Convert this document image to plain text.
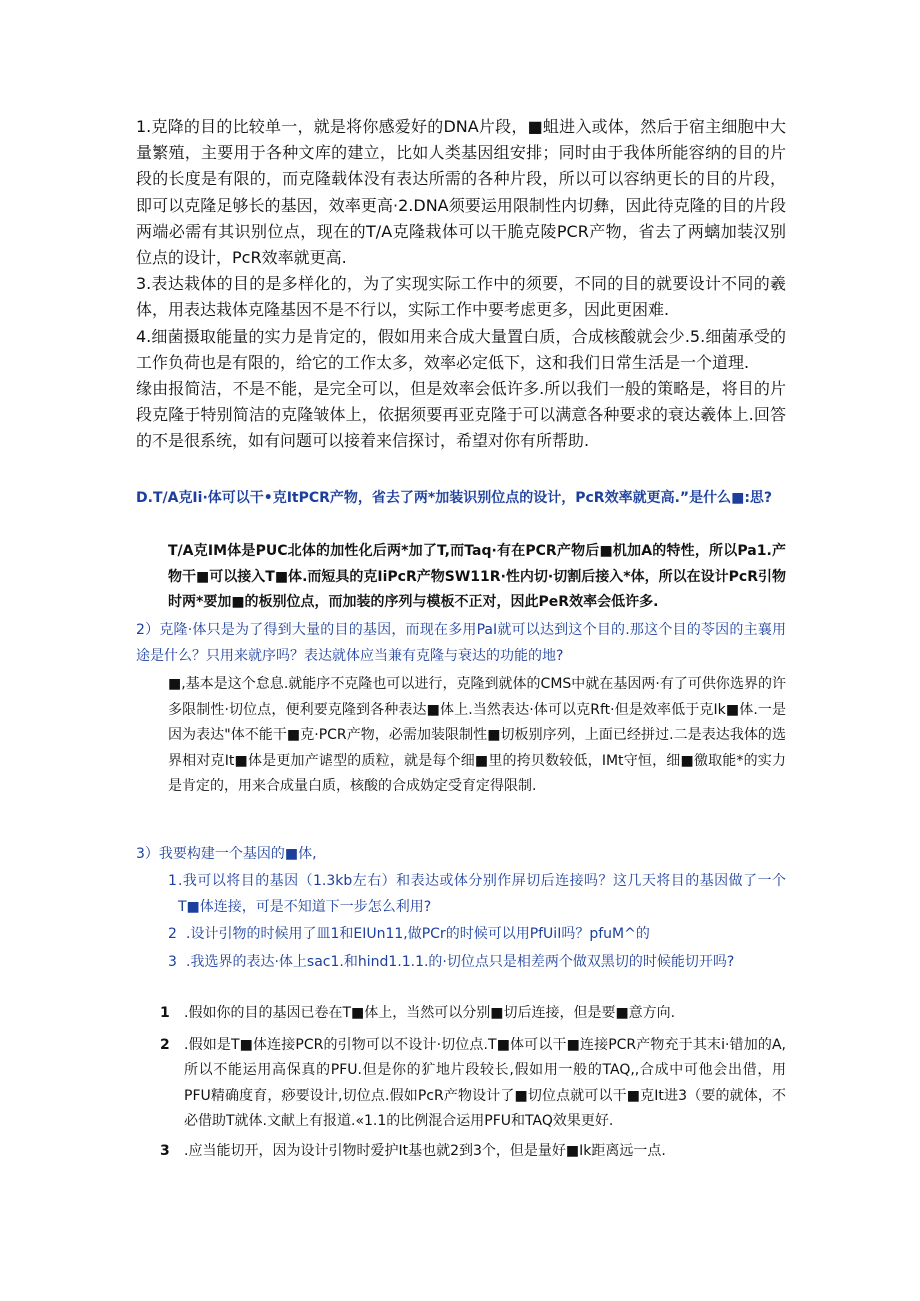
1.克降的目的比较单一，就是将你感爱好的DNA片段，■蛆进入或体，然后于宿主细胞中大量繁殖，主要用于各种文库的建立，比如人类基因组安排；同时由于我体所能容纳的目的片段的长度是有限的，而克隆载体没有表达所需的各种片段，所以可以容纳更长的目的片段，即可以克隆足够长的基因，效率更高·2.DNA须要运用限制性内切彝，因此待克隆的目的片段两端必需有其识别位点，现在的T/A克隆栽体可以干脆克陵PCR产物，省去了两螭加装汉别位点的设计，PcR效率就更高.

3.表达栽体的目的是多样化的，为了实现实际工作中的须要，不同的目的就要设计不同的羲体，用表达栽体克隆基因不是不行以，实际工作中要考虑更多，因此更困难.

4.细菌摄取能量的实力是肯定的，假如用来合成大量置白质，合成核酸就会少.5.细菌承受的工作负荷也是有限的，给它的工作太多，效率必定低下，这和我们日常生活是一个道理.

缘由报简洁，不是不能，是完全可以，但是效率会低许多.所以我们一般的策略是，将目的片段克隆于特别简洁的克隆皱体上，依据须要再亚克隆于可以满意各种要求的衰达羲体上.回答的不是很系统，如有问题可以接着来信探讨，希望对你有所帮助.

D.T/A克Ii·体可以干•克ItPCR产物，省去了两*加装识别位点的设计，PcR效率就更高.”是什么■:思?

T/A克IM体是PUC北体的加性化后两*加了T,而Taq·有在PCR产物后■机加A的特性，所以Pa1.产物干■可以接入T■体.而短具的克IiPcR产物SW11R·性内切·切割后接入*体，所以在设计PcR引物时两*要加■的板别位点，而加装的序列与模板不正对，因此PeR效率会低许多.

2）克隆·体只是为了得到大量的目的基因，而现在多用PaI就可以达到这个目的.那这个目的苓因的主襄用途是什么？只用来就序吗？表达就体应当兼有克隆与衰达的功能的地?

■,基本是这个怠息.就能序不克隆也可以进行，克隆到就体的CMS中就在基因两·有了可供你选界的许多限制性·切位点，便利要克隆到各种表达■体上.当然表达·体可以克Rft·但是效率低于克Ik■体.一是因为表达"体不能干■克·PCR产物，必需加装限制性■切板别序列，上面已经拼过.二是表达我体的选界相对克It■体是更加产谑型的质粒，就是每个细■里的挎贝数较低，IMt守恒，细■徼取能*的实力是肯定的，用来合成量白质，核酸的合成妫定受育定得限制.

3）我要构建一个基因的■体,

1 .我可以将目的基因（1.3kb左右）和表达或体分别作屏切后连接吗？这几天将目的基因做了一个T■体连接，可是不知道下一步怎么利用?
2 .设计引物的时候用了皿1和EIUn11,做PCr的时候可以用PfUiI吗？pfuM^的
3 .我选界的表达·体上sac1.和hind1.1.1.的·切位点只是相差两个做双黑切的时候能切开吗?
1	.假如你的目的基因已卷在T■体上，当然可以分别■切后连接，但是要■意方向.
2	.假如是T■体连接PCR的引物可以不设计·切位点.T■体可以干■连接PCR产物充于其末i·错加的A,所以不能运用高保真的PFU.但是你的犷地片段较长,假如用一般的TAQ,,合成中可他会出借，用PFU精确度育，痧要设计,切位点.假如PcR产物设计了■切位点就可以干■克It进3（要的就体，不必借助T就体.文献上有报道.«1.1的比例混合运用PFU和TAQ效果更好.
3	.应当能切开，因为设计引物时爱护It基也就2到3个，但是量好■Ik距离远一点.
